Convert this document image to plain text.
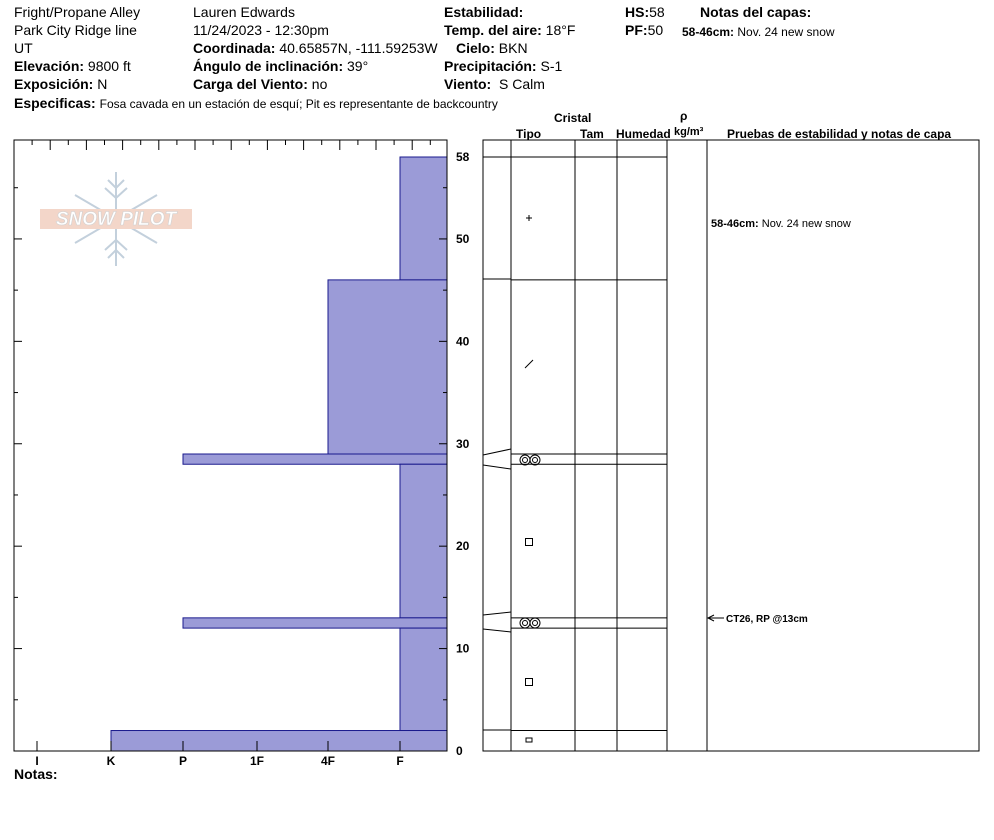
Fright/Propane Alley
Park City Ridge line
UT
Elevación: 9800 ft
Exposición: N
Lauren Edwards
11/24/2023 - 12:30pm
Coordinada: 40.65857N, -111.59253W
Ángulo de inclinación: 39°
Carga del Viento: no
Estabilidad:
Temp. del aire: 18°F
Cielo: BKN
Precipitación: S-1
Viento: S Calm
HS:58
PF:50
Notas del capas:
58-46cm: Nov. 24 new snow
Especificas: Fosa cavada en un estación de esquí; Pit es representante de backcountry
Cristal
Tipo	Tam Humedad
ρ
kg/m³ Pruebas de estabilidad y notas de capa
Notas:
SNOW PILOT
I	K	P	1F	4F	F
0
10
20
30
40
50
58
58-46cm: Nov. 24 new snow
CT26, RP @13cm
